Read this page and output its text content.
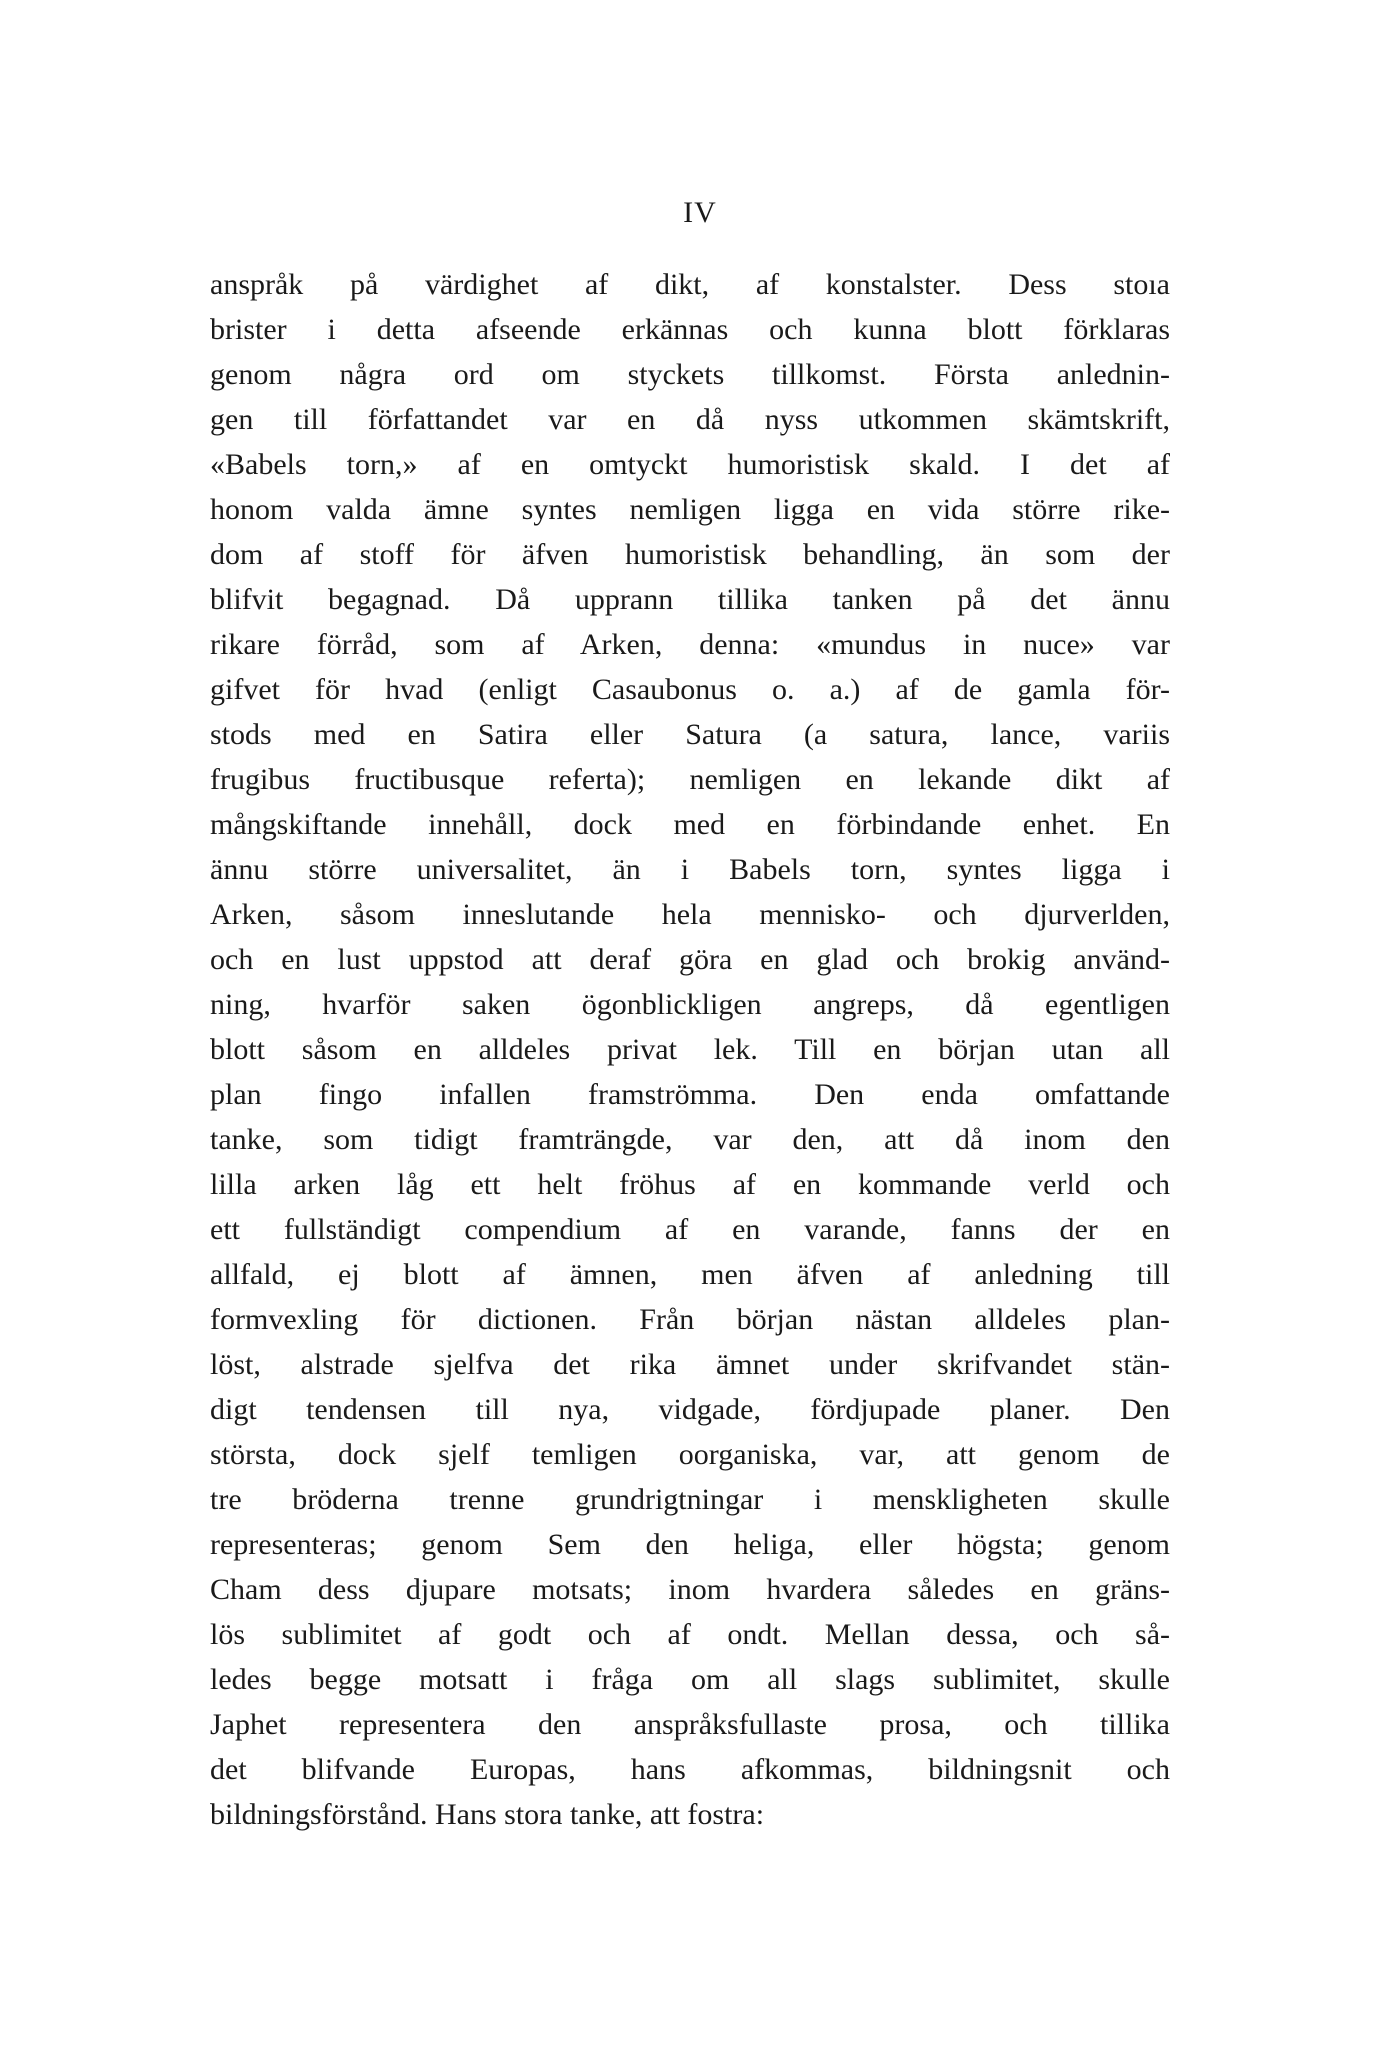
IV
anspråk på värdighet af dikt, af konstalster. Dess stoıa
brister i detta afseende erkännas och kunna blott förklaras
genom några ord om styckets tillkomst. Första anlednin-
gen till författandet var en då nyss utkommen skämtskrift,
«Babels torn,» af en omtyckt humoristisk skald. I det af
honom valda ämne syntes nemligen ligga en vida större rike-
dom af stoff för äfven humoristisk behandling, än som der
blifvit begagnad. Då upprann tillika tanken på det ännu
rikare förråd, som af Arken, denna: «mundus in nuce» var
gifvet för hvad (enligt Casaubonus o. a.) af de gamla för-
stods med en Satira eller Satura (a satura, lance, variis
frugibus fructibusque referta); nemligen en lekande dikt af
mångskiftande innehåll, dock med en förbindande enhet. En
ännu större universalitet, än i Babels torn, syntes ligga i
Arken, såsom inneslutande hela mennisko- och djurverlden,
och en lust uppstod att deraf göra en glad och brokig använd-
ning, hvarför saken ögonblickligen angreps, då egentligen
blott såsom en alldeles privat lek. Till en början utan all
plan fingo infallen framströmma. Den enda omfattande
tanke, som tidigt framträngde, var den, att då inom den
lilla arken låg ett helt fröhus af en kommande verld och
ett fullständigt compendium af en varande, fanns der en
allfald, ej blott af ämnen, men äfven af anledning till
formvexling för dictionen. Från början nästan alldeles plan-
löst, alstrade sjelfva det rika ämnet under skrifvandet stän-
digt tendensen till nya, vidgade, fördjupade planer. Den
största, dock sjelf temligen oorganiska, var, att genom de
tre bröderna trenne grundrigtningar i menskligheten skulle
representeras; genom Sem den heliga, eller högsta; genom
Cham dess djupare motsats; inom hvardera således en gräns-
lös sublimitet af godt och af ondt. Mellan dessa, och så-
ledes begge motsatt i fråga om all slags sublimitet, skulle
Japhet representera den anspråksfullaste prosa, och tillika
det blifvande Europas, hans afkommas, bildningsnit och
bildningsförstånd. Hans stora tanke, att fostra:
